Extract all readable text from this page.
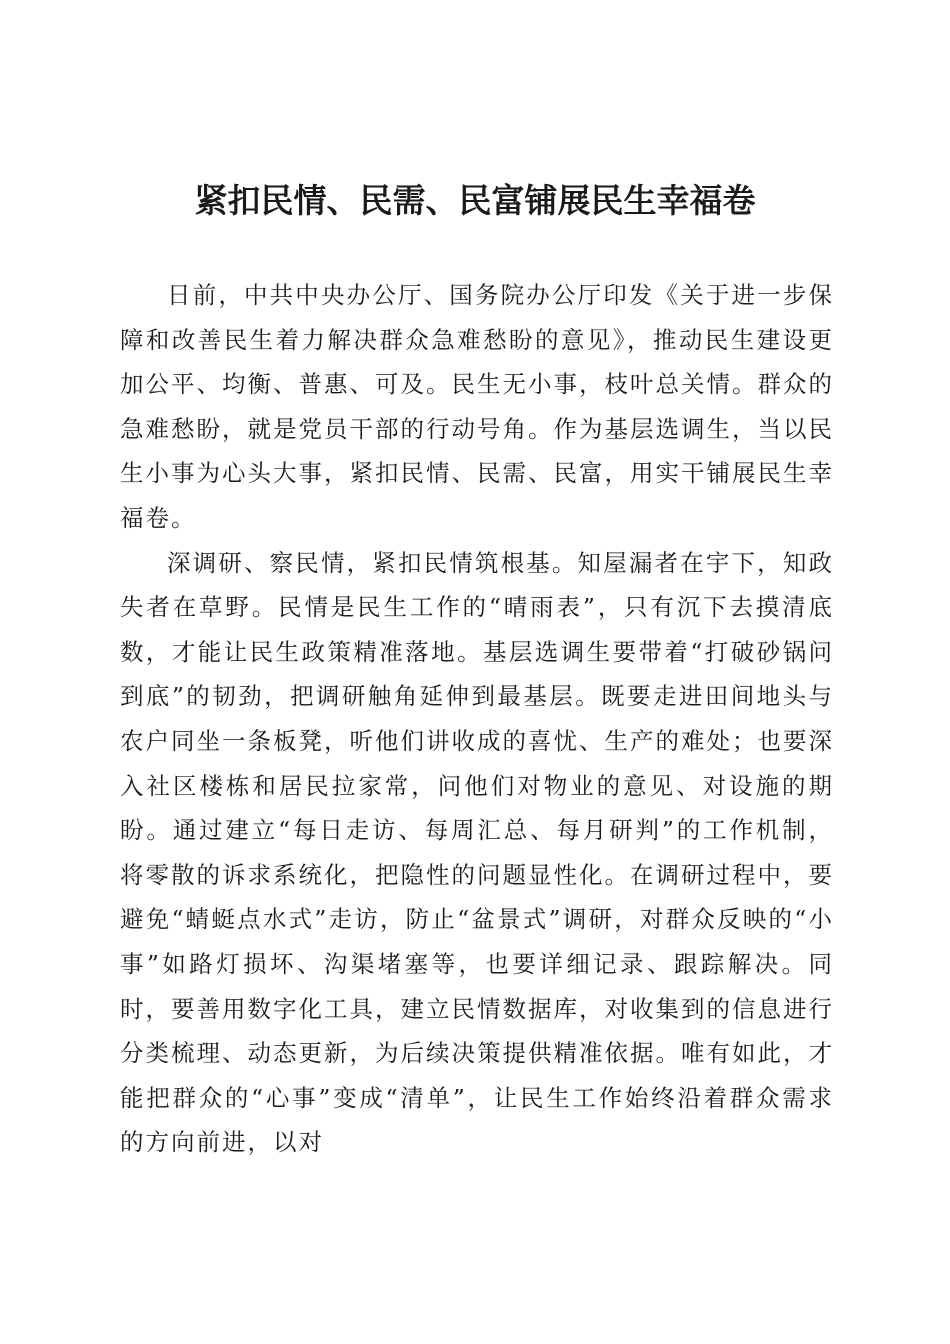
紧扣民情、民需、民富铺展民生幸福卷

日前，中共中央办公厅、国务院办公厅印发《关于进一步保障和改善民生着力解决群众急难愁盼的意见》，推动民生建设更加公平、均衡、普惠、可及。民生无小事，枝叶总关情。群众的急难愁盼，就是党员干部的行动号角。作为基层选调生，当以民生小事为心头大事，紧扣民情、民需、民富，用实干铺展民生幸福卷。

深调研、察民情，紧扣民情筑根基。知屋漏者在宇下，知政失者在草野。民情是民生工作的“晴雨表”，只有沉下去摸清底数，才能让民生政策精准落地。基层选调生要带着“打破砂锅问到底”的韧劲，把调研触角延伸到最基层。既要走进田间地头与农户同坐一条板凳，听他们讲收成的喜忧、生产的难处；也要深入社区楼栋和居民拉家常，问他们对物业的意见、对设施的期盼。通过建立“每日走访、每周汇总、每月研判”的工作机制，将零散的诉求系统化，把隐性的问题显性化。在调研过程中，要避免“蜻蜓点水式”走访，防止“盆景式”调研，对群众反映的“小事”如路灯损坏、沟渠堵塞等，也要详细记录、跟踪解决。同时，要善用数字化工具，建立民情数据库，对收集到的信息进行分类梳理、动态更新，为后续决策提供精准依据。唯有如此，才能把群众的“心事”变成“清单”，让民生工作始终沿着群众需求的方向前进，以对
